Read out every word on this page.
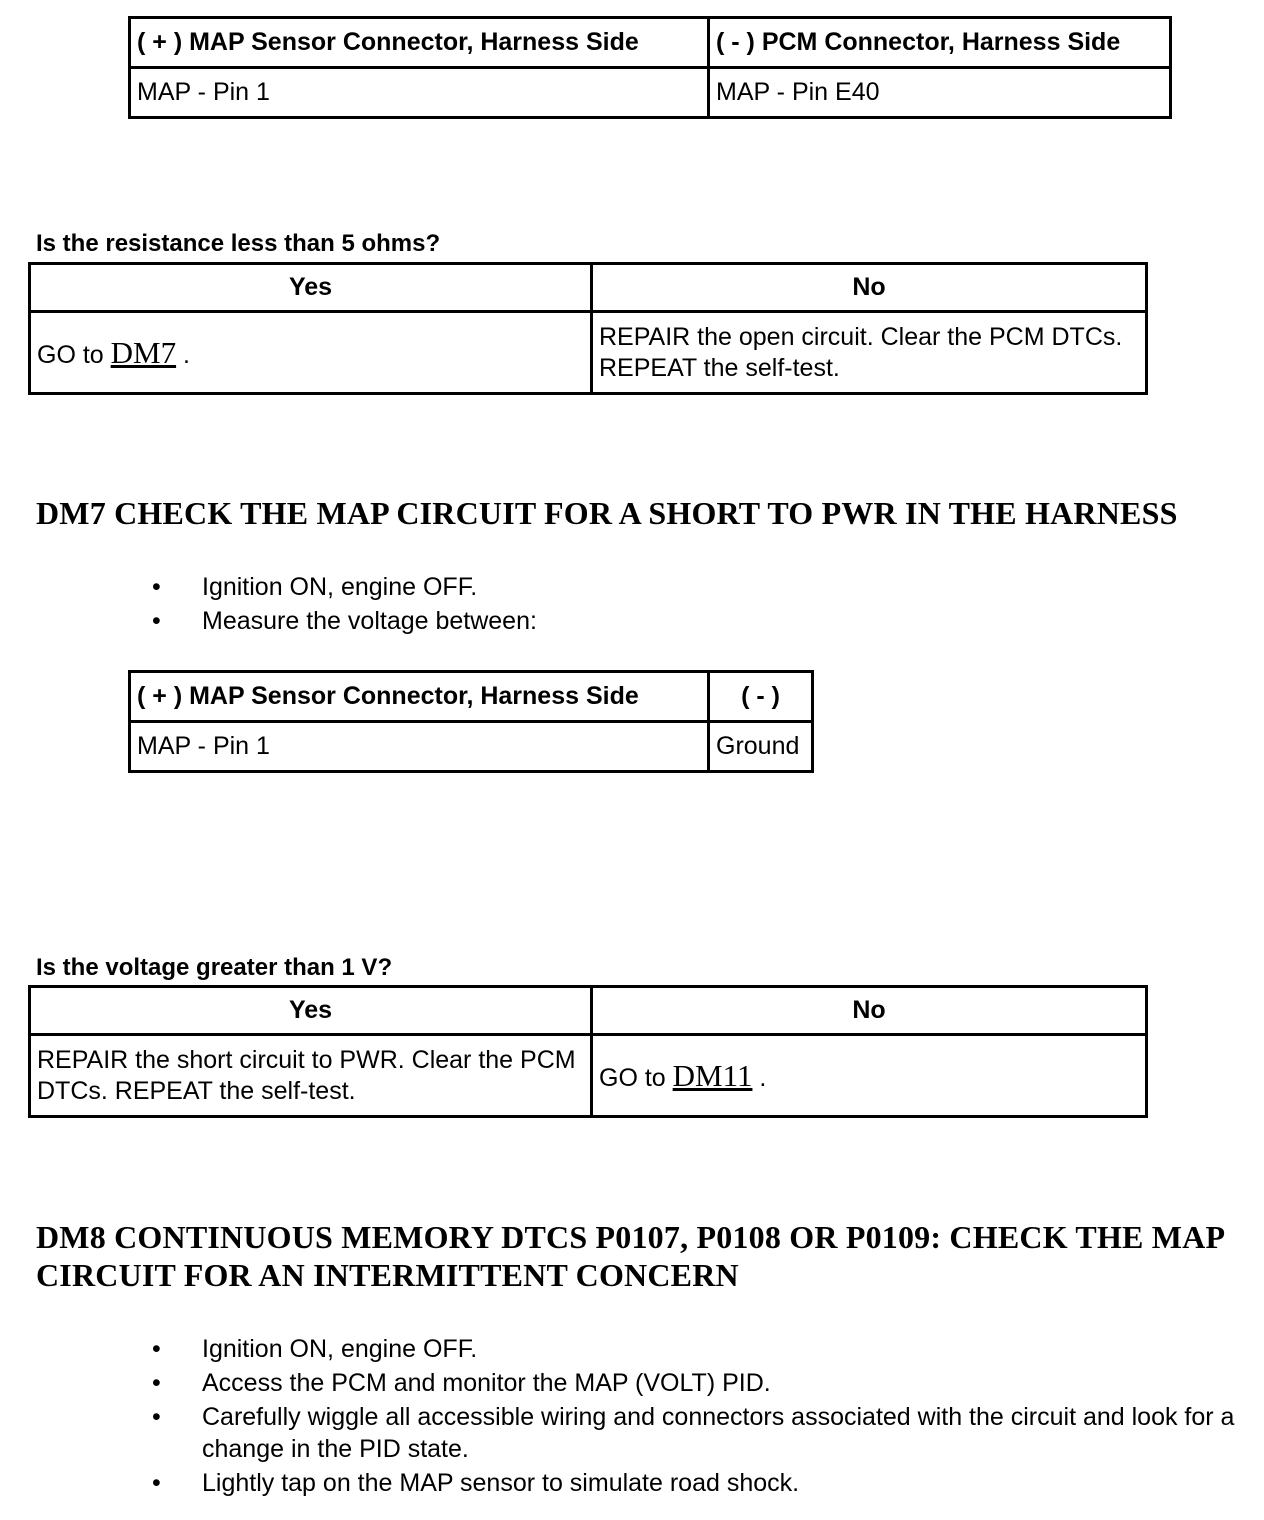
( + ) MAP Sensor Connector, Harness Side	( - ) PCM Connector, Harness Side
MAP - Pin 1	MAP - Pin E40

Is the resistance less than 5 ohms?

Yes	No
GO to DM7 .	REPAIR the open circuit. Clear the PCM DTCs. REPEAT the self-test.
DM7 CHECK THE MAP CIRCUIT FOR A SHORT TO PWR IN THE HARNESS
• Ignition ON, engine OFF.
• Measure the voltage between:
( + ) MAP Sensor Connector, Harness Side	( - )
MAP - Pin 1	Ground

Is the voltage greater than 1 V?

Yes	No
REPAIR the short circuit to PWR. Clear the PCM DTCs. REPEAT the self-test.	GO to DM11 .
DM8 CONTINUOUS MEMORY DTCS P0107, P0108 OR P0109: CHECK THE MAP CIRCUIT FOR AN INTERMITTENT CONCERN
• Ignition ON, engine OFF.
• Access the PCM and monitor the MAP (VOLT) PID.
• Carefully wiggle all accessible wiring and connectors associated with the circuit and look for a change in the PID state.
• Lightly tap on the MAP sensor to simulate road shock.
